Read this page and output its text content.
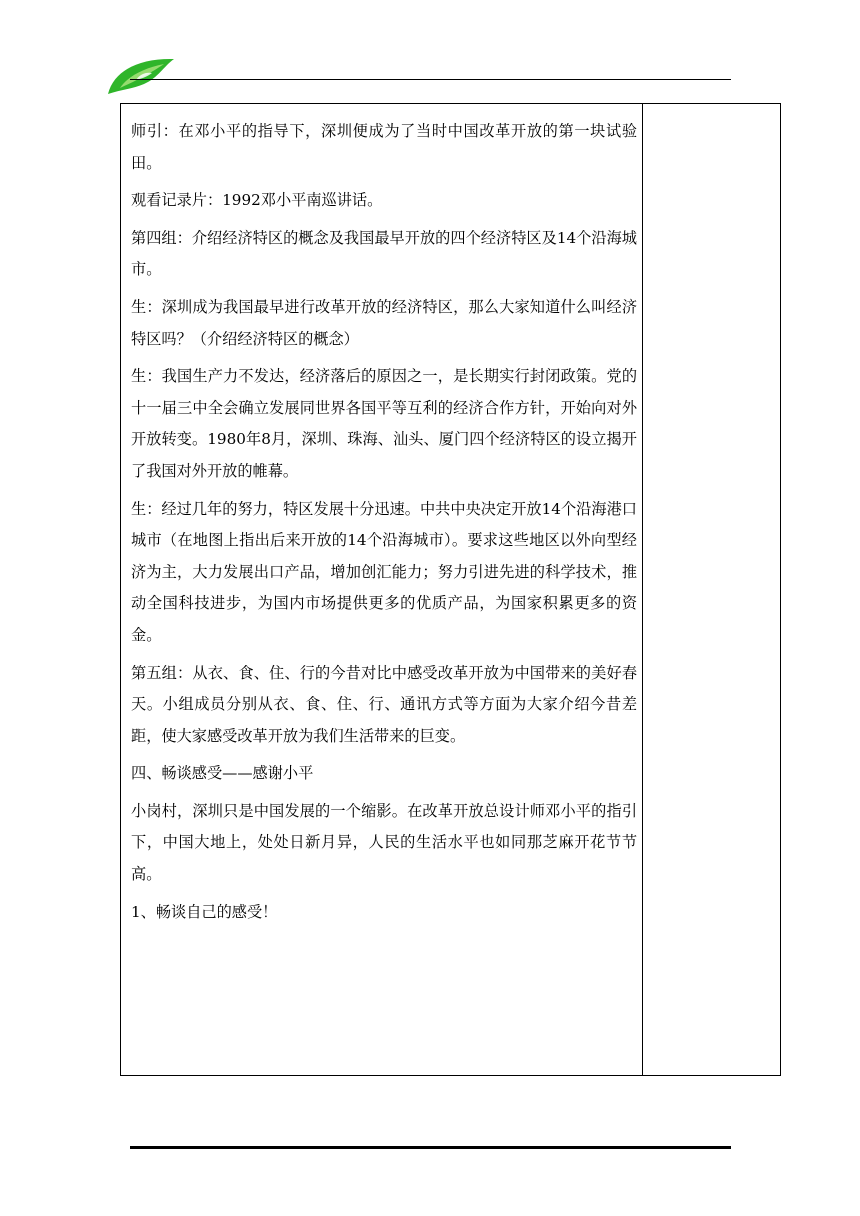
师引：在邓小平的指导下，深圳便成为了当时中国改革开放的第一块试验田。

观看记录片：1992邓小平南巡讲话。

第四组：介绍经济特区的概念及我国最早开放的四个经济特区及14个沿海城市。

生：深圳成为我国最早进行改革开放的经济特区，那么大家知道什么叫经济特区吗？（介绍经济特区的概念）

生：我国生产力不发达，经济落后的原因之一，是长期实行封闭政策。党的十一届三中全会确立发展同世界各国平等互利的经济合作方针，开始向对外开放转变。1980年8月，深圳、珠海、汕头、厦门四个经济特区的设立揭开了我国对外开放的帷幕。

生：经过几年的努力，特区发展十分迅速。中共中央决定开放14个沿海港口城市（在地图上指出后来开放的14个沿海城市）。要求这些地区以外向型经济为主，大力发展出口产品，增加创汇能力；努力引进先进的科学技术，推动全国科技进步，为国内市场提供更多的优质产品，为国家积累更多的资金。

第五组：从衣、食、住、行的今昔对比中感受改革开放为中国带来的美好春天。小组成员分别从衣、食、住、行、通讯方式等方面为大家介绍今昔差距，使大家感受改革开放为我们生活带来的巨变。

四、畅谈感受——感谢小平

小岗村，深圳只是中国发展的一个缩影。在改革开放总设计师邓小平的指引下，中国大地上，处处日新月异，人民的生活水平也如同那芝麻开花节节高。

1、畅谈自己的感受！
